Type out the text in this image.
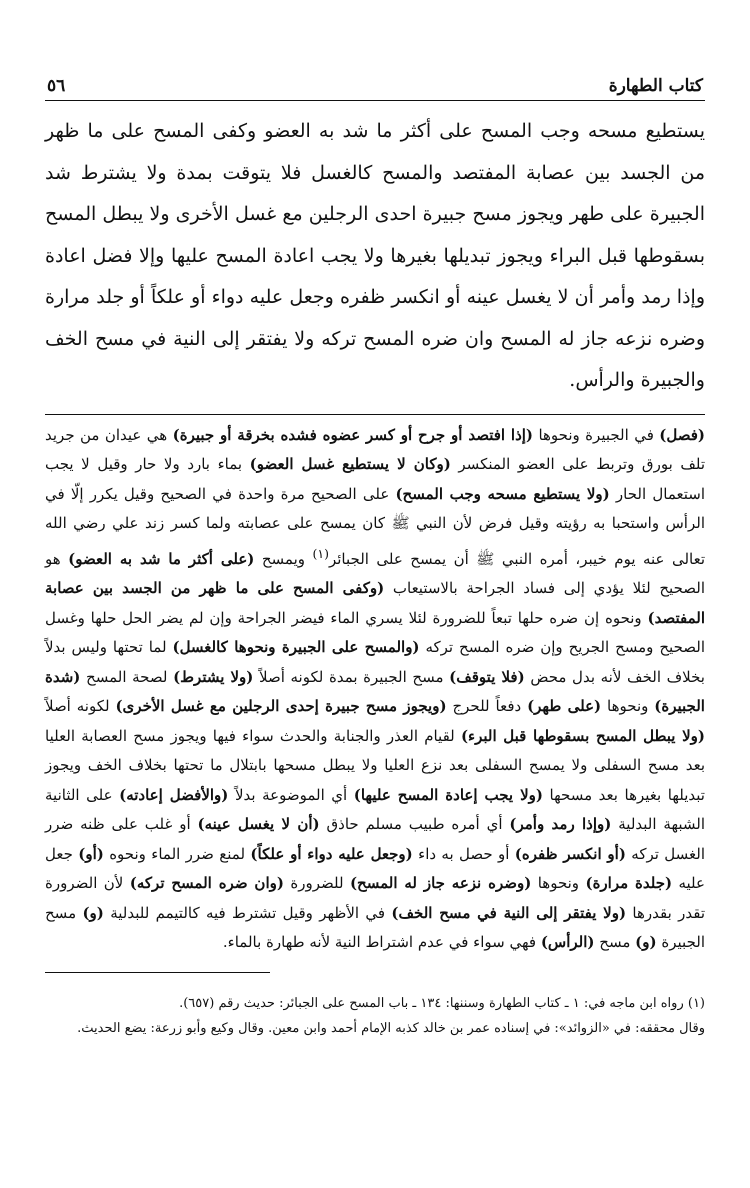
كتاب الطهارة
٥٦

يستطيع مسحه وجب المسح على أكثر ما شد به العضو وكفى المسح على ما ظهر من الجسد بين عصابة المفتصد والمسح كالغسل فلا يتوقت بمدة ولا يشترط شد الجبيرة على طهر ويجوز مسح جبيرة احدى الرجلين مع غسل الأخرى ولا يبطل المسح بسقوطها قبل البراء ويجوز تبديلها بغيرها ولا يجب اعادة المسح عليها وإلا فضل اعادة وإذا رمد وأمر أن لا يغسل عينه أو انكسر ظفره وجعل عليه دواء أو علكاً أو جلد مرارة وضره نزعه جاز له المسح وان ضره المسح تركه ولا يفتقر إلى النية في مسح الخف والجبيرة والرأس.

(فصل) في الجبيرة ونحوها (إذا افتصد أو جرح أو كسر عضوه فشده بخرقة أو جبيرة) هي عيدان من جريد تلف بورق وتربط على العضو المنكسر (وكان لا يستطيع غسل العضو) بماء بارد ولا حار وقيل لا يجب استعمال الحار (ولا يستطيع مسحه وجب المسح) على الصحيح مرة واحدة في الصحيح وقيل يكرر إلّا في الرأس واستحبا به رؤيته وقيل فرض لأن النبي ﷺ كان يمسح على عصابته ولما كسر زند علي رضي الله تعالى عنه يوم خيبر، أمره النبي ﷺ أن يمسح على الجبائر$^{(١)}$ ويمسح (على أكثر ما شد به العضو) هو الصحيح لئلا يؤدي إلى فساد الجراحة بالاستيعاب (وكفى المسح على ما ظهر من الجسد بين عصابة المفتصد) ونحوه إن ضره حلها تبعاً للضرورة لئلا يسري الماء فيضر الجراحة وإن لم يضر الحل حلها وغسل الصحيح ومسح الجريح وإن ضره المسح تركه (والمسح على الجبيرة ونحوها كالغسل) لما تحتها وليس بدلاً بخلاف الخف لأنه بدل محض (فلا يتوقف) مسح الجبيرة بمدة لكونه أصلاً (ولا يشترط) لصحة المسح (شدة الجبيرة) ونحوها (على طهر) دفعاً للحرج (ويجوز مسح جبيرة إحدى الرجلين مع غسل الأخرى) لكونه أصلاً (ولا يبطل المسح بسقوطها قبل البرء) لقيام العذر والجنابة والحدث سواء فيها ويجوز مسح العصابة العليا بعد مسح السفلى ولا يمسح السفلى بعد نزع العليا ولا يبطل مسحها بابتلال ما تحتها بخلاف الخف ويجوز تبديلها بغيرها بعد مسحها (ولا يجب إعادة المسح عليها) أي الموضوعة بدلاً (والأفضل إعادته) على الثانية الشبهة البدلية (وإذا رمد وأمر) أي أمره طبيب مسلم حاذق (أن لا يغسل عينه) أو غلب على ظنه ضرر الغسل تركه (أو انكسر ظفره) أو حصل به داء (وجعل عليه دواء أو علكاً) لمنع ضرر الماء ونحوه (أو) جعل عليه (جلدة مرارة) ونحوها (وضره نزعه جاز له المسح) للضرورة (وان ضره المسح تركه) لأن الضرورة تقدر بقدرها (ولا يفتقر إلى النية في مسح الخف) في الأظهر وقيل تشترط فيه كالتيمم للبدلية (و) مسح الجبيرة (و) مسح (الرأس) فهي سواء في عدم اشتراط النية لأنه طهارة بالماء.

(١) رواه ابن ماجه في: ١ ـ كتاب الطهارة وسننها: ١٣٤ ـ باب المسح على الجبائر: حديث رقم (٦٥٧).
وقال محققه: في «الزوائد»: في إسناده عمر بن خالد كذبه الإمام أحمد وابن معين. وقال وكيع وأبو زرعة: يضع الحديث.
